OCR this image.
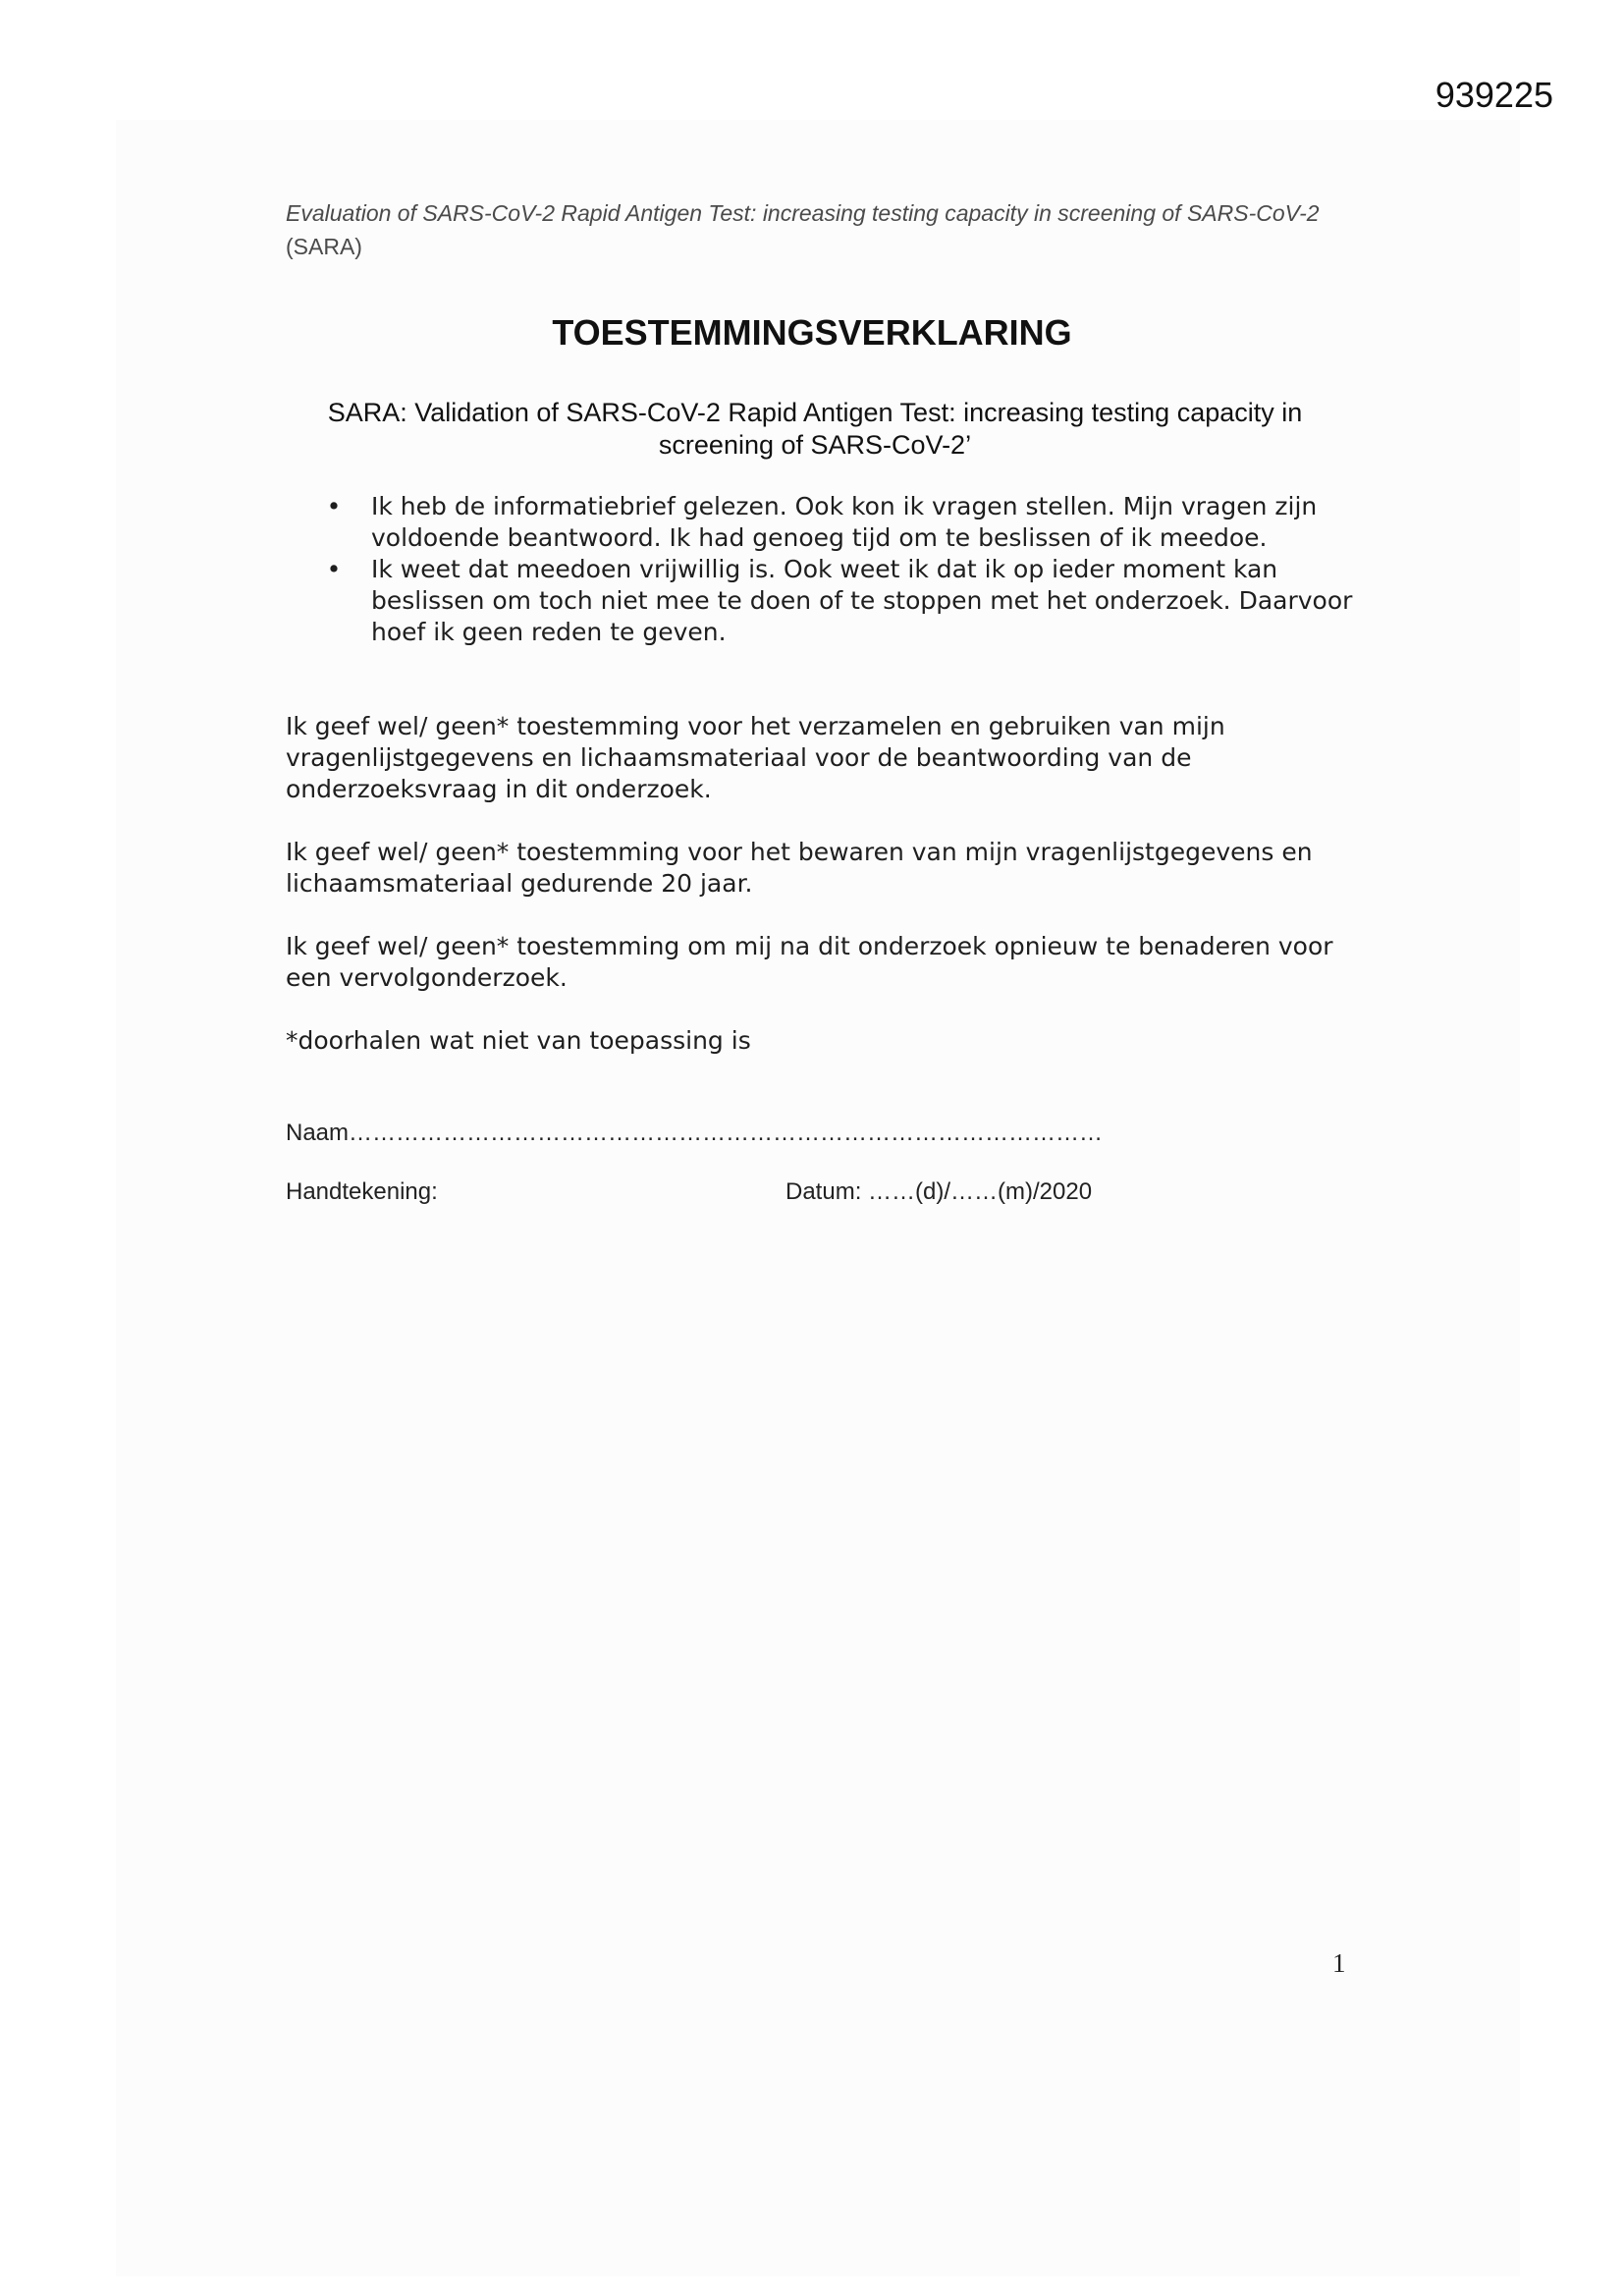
939225
Evaluation of SARS-CoV-2 Rapid Antigen Test: increasing testing capacity in screening of SARS-CoV-2
(SARA)
TOESTEMMINGSVERKLARING
SARA: Validation of SARS-CoV-2 Rapid Antigen Test: increasing testing capacity in screening of SARS-CoV-2’
• Ik heb de informatiebrief gelezen. Ook kon ik vragen stellen. Mijn vragen zijn voldoende beantwoord. Ik had genoeg tijd om te beslissen of ik meedoe.
• Ik weet dat meedoen vrijwillig is. Ook weet ik dat ik op ieder moment kan beslissen om toch niet mee te doen of te stoppen met het onderzoek. Daarvoor hoef ik geen reden te geven.
Ik geef wel/ geen* toestemming voor het verzamelen en gebruiken van mijn vragenlijstgegevens en lichaamsmateriaal voor de beantwoording van de onderzoeksvraag in dit onderzoek.
Ik geef wel/ geen* toestemming voor het bewaren van mijn vragenlijstgegevens en lichaamsmateriaal gedurende 20 jaar.
Ik geef wel/ geen* toestemming om mij na dit onderzoek opnieuw te benaderen voor een vervolgonderzoek.
*doorhalen wat niet van toepassing is
Naam……………………………………………………………………………………
Handtekening:	Datum: ……(d)/……(m)/2020
1
